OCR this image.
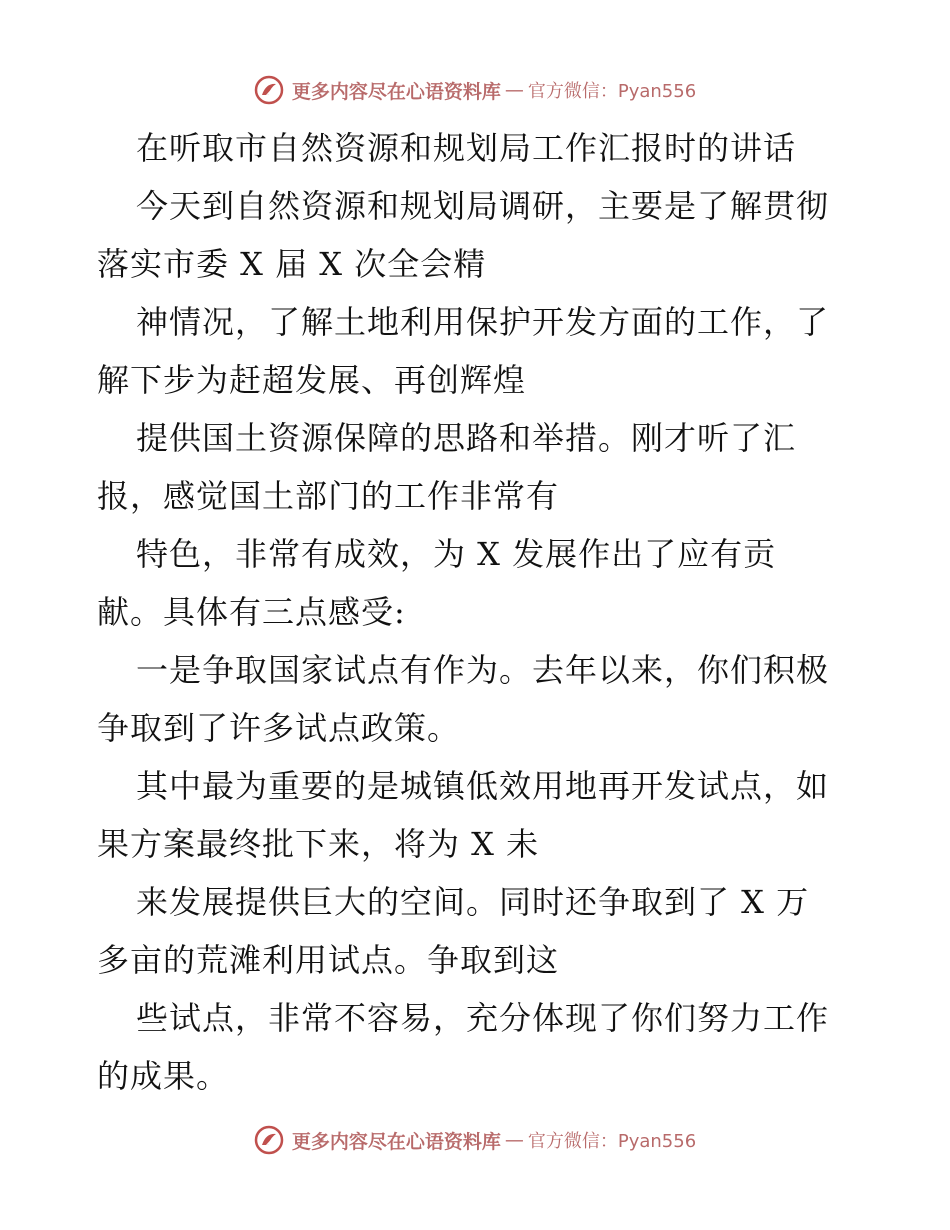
更多内容尽在心语资料库 — 官方微信：Pyan556
在听取市自然资源和规划局工作汇报时的讲话
今天到自然资源和规划局调研，主要是了解贯彻
落实市委 X 届 X 次全会精
神情况，了解土地利用保护开发方面的工作，了
解下步为赶超发展、再创辉煌
提供国土资源保障的思路和举措。刚才听了汇
报，感觉国土部门的工作非常有
特色，非常有成效，为 X 发展作出了应有贡
献。具体有三点感受:
一是争取国家试点有作为。去年以来，你们积极
争取到了许多试点政策。
其中最为重要的是城镇低效用地再开发试点，如
果方案最终批下来，将为 X 未
来发展提供巨大的空间。同时还争取到了 X 万
多亩的荒滩利用试点。争取到这
些试点，非常不容易，充分体现了你们努力工作
的成果。
更多内容尽在心语资料库 — 官方微信：Pyan556
